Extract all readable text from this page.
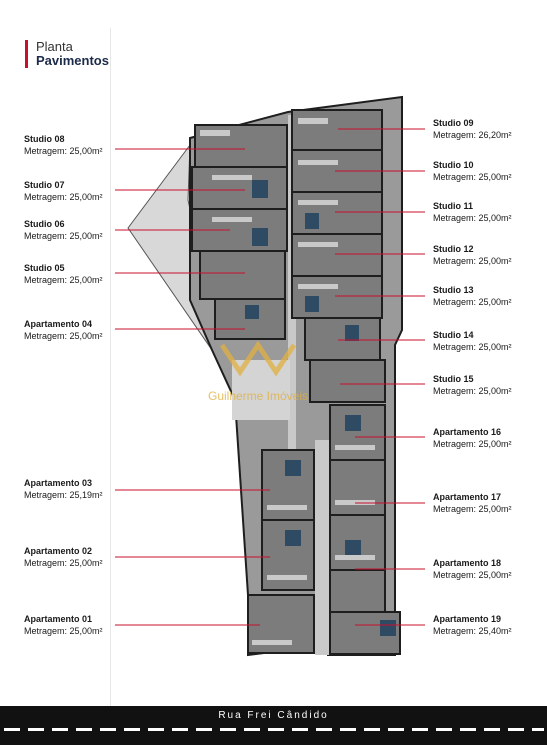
Planta
Pavimentos
Guilherme Imóveis
Studio 08
Metragem: 25,00m²
Studio 07
Metragem: 25,00m²
Studio 06
Metragem: 25,00m²
Studio 05
Metragem: 25,00m²
Apartamento 04
Metragem: 25,00m²
Apartamento 03
Metragem: 25,19m²
Apartamento 02
Metragem: 25,00m²
Apartamento 01
Metragem: 25,00m²
Studio 09
Metragem: 26,20m²
Studio 10
Metragem: 25,00m²
Studio 11
Metragem: 25,00m²
Studio 12
Metragem: 25,00m²
Studio 13
Metragem: 25,00m²
Studio 14
Metragem: 25,00m²
Studio 15
Metragem: 25,00m²
Apartamento 16
Metragem: 25,00m²
Apartamento 17
Metragem: 25,00m²
Apartamento 18
Metragem: 25,00m²
Apartamento 19
Metragem: 25,40m²
Rua Frei Cândido
